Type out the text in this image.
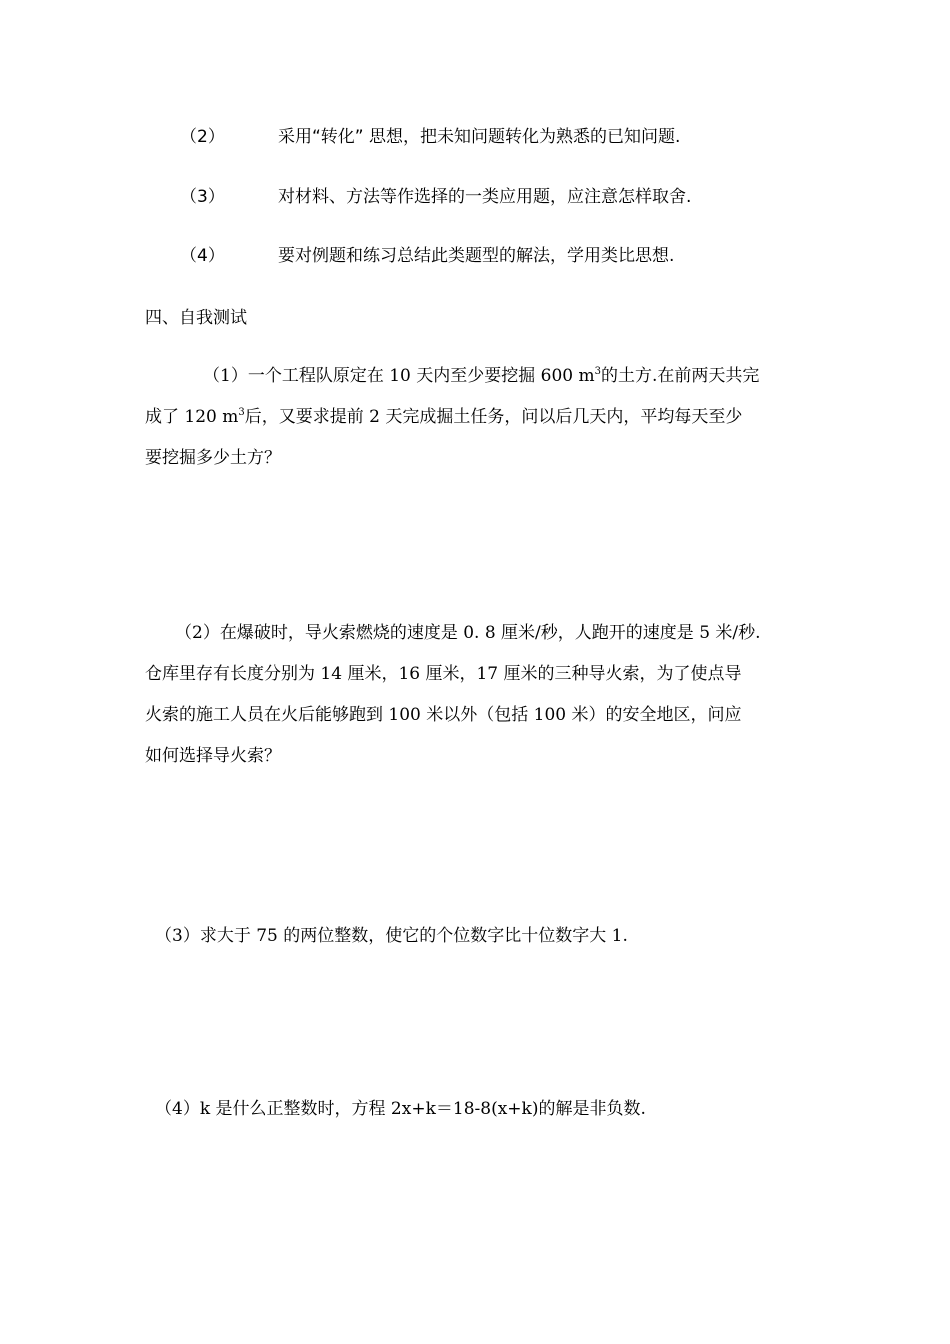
（2）	采用“转化” 思想，把未知问题转化为熟悉的已知问题.
（3）	对材料、方法等作选择的一类应用题，应注意怎样取舍.
（4）	要对例题和练习总结此类题型的解法，学用类比思想.
四、自我测试
（1）一个工程队原定在 10 天内至少要挖掘 600 $m^3$的土方.在前两天共完
成了 120 $m^3$后，又要求提前 2 天完成掘土任务，问以后几天内，平均每天至少
要挖掘多少土方？
（2）在爆破时，导火索燃烧的速度是 0. 8 厘米/秒，人跑开的速度是 5 米/秒.
仓库里存有长度分别为 14 厘米，16 厘米，17 厘米的三种导火索，为了使点导
火索的施工人员在火后能够跑到 100 米以外（包括 100 米）的安全地区，问应
如何选择导火索？
（3）求大于 75 的两位整数，使它的个位数字比十位数字大 1.
（4）k 是什么正整数时，方程 2x+k＝18-8(x+k)的解是非负数.
